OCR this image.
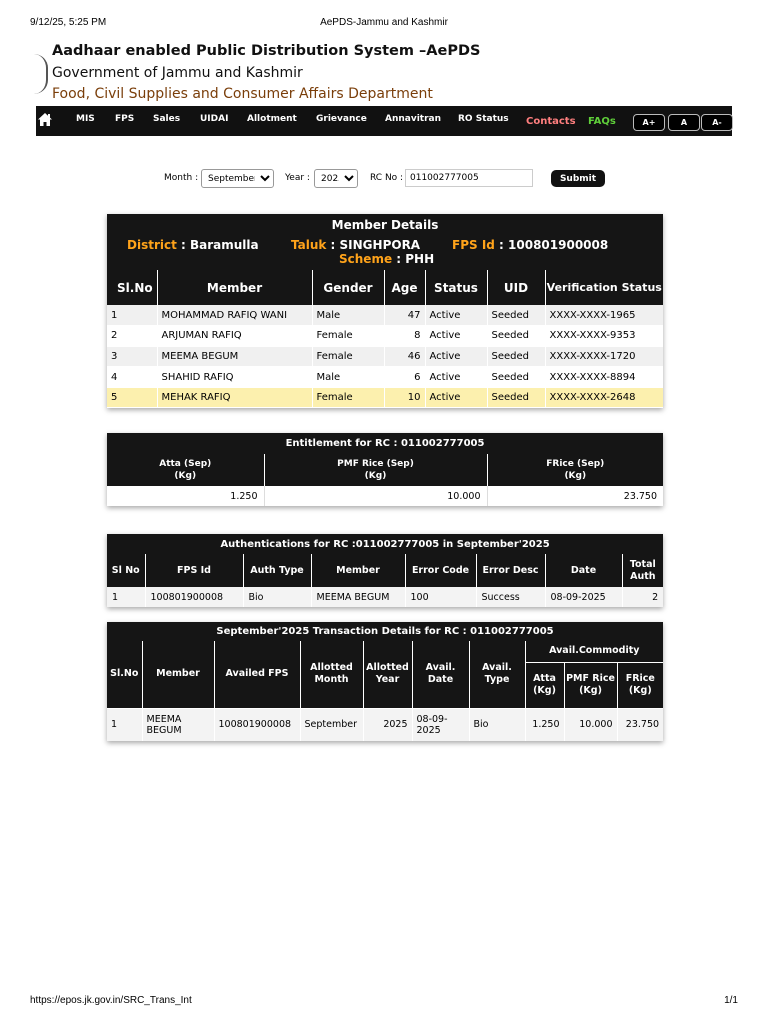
9/12/25, 5:25 PM	AePDS-Jammu and Kashmir
Aadhaar enabled Public Distribution System –AePDS
Government of Jammu and Kashmir
Food, Civil Supplies and Consumer Affairs Department
MIS FPS Sales UIDAI Allotment Grievance Annavitran RO Status Contacts FAQs	A+	A	A-
Month :
September	Year :
2025	RC No :
011002777005	Submit
Member Details
District : Baramulla	Taluk : SINGHPORA	FPS Id : 100801900008
Scheme : PHH
Sl.No	Member	Gender	Age	Status	UID	Verification Status
1	MOHAMMAD RAFIQ WANI	Male	47	Active	Seeded	XXXX-XXXX-1965
2	ARJUMAN RAFIQ	Female	8	Active	Seeded	XXXX-XXXX-9353
3	MEEMA BEGUM	Female	46	Active	Seeded	XXXX-XXXX-1720
4	SHAHID RAFIQ	Male	6	Active	Seeded	XXXX-XXXX-8894
5	MEHAK RAFIQ	Female	10	Active	Seeded	XXXX-XXXX-2648
Entitlement for RC : 011002777005		
Atta (Sep)
(Kg)	PMF Rice (Sep)
(Kg)	FRice (Sep)
(Kg)
1.250	10.000	23.750
Authentications for RC :011002777005 in September'2025							
Sl No	FPS Id	Auth Type	Member	Error Code	Error Desc	Date	Total Auth
1	100801900008	Bio	MEEMA BEGUM	100	Success	08-09-2025	2
September'2025 Transaction Details for RC : 011002777005									
Sl.No	Member	Availed FPS	Allotted Month	Allotted Year	Avail. Date	Avail. Type	Avail.Commodity		
							Atta (Kg)	PMF Rice (Kg)	FRice (Kg)
1	MEEMA BEGUM	100801900008	September	2025	08-09-2025	Bio	1.250	10.000	23.750
https://epos.jk.gov.in/SRC_Trans_Int	1/1
